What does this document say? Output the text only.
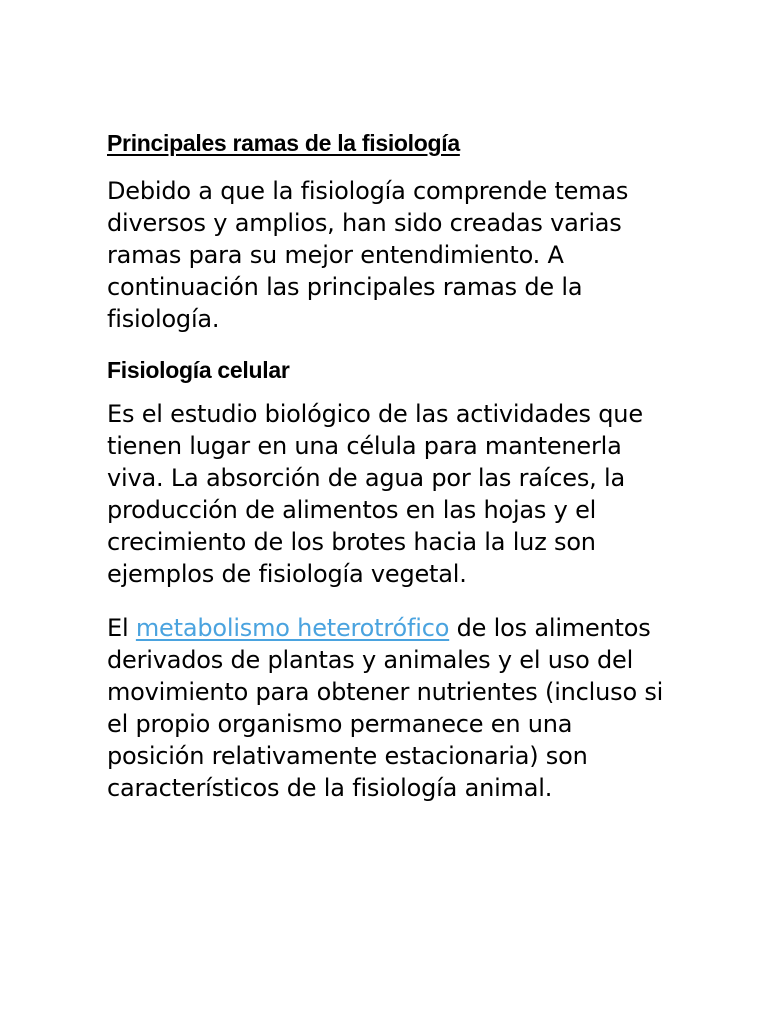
Principales ramas de la fisiología

Debido a que la fisiología comprende temas diversos y amplios, han sido creadas varias ramas para su mejor entendimiento. A continuación las principales ramas de la fisiología.

Fisiología celular

Es el estudio biológico de las actividades que tienen lugar en una célula para mantenerla viva. La absorción de agua por las raíces, la producción de alimentos en las hojas y el crecimiento de los brotes hacia la luz son ejemplos de fisiología vegetal.

El metabolismo heterotrófico de los alimentos derivados de plantas y animales y el uso del movimiento para obtener nutrientes (incluso si el propio organismo permanece en una posición relativamente estacionaria) son característicos de la fisiología animal.
